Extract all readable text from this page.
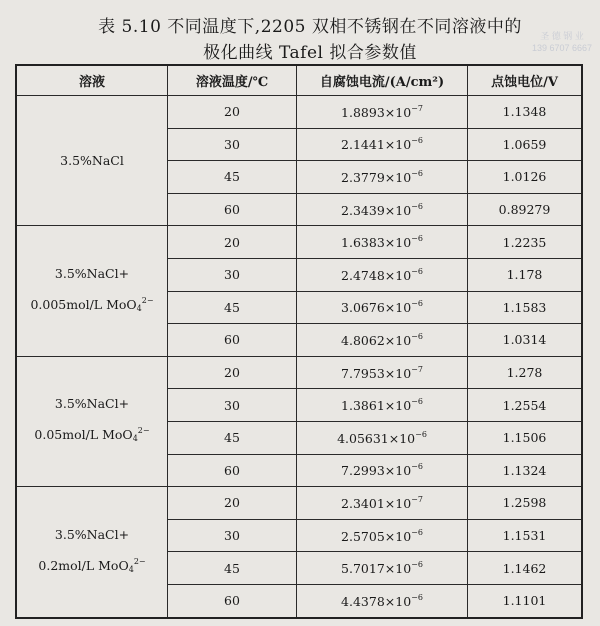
表 5.10 不同温度下,2205 双相不锈钢在不同溶液中的
极化曲线 Tafel 拟合参数值
圣 德 钢 业
139 6707 6667
溶液	溶液温度/℃	自腐蚀电流/(A/cm²)	点蚀电位/V

3.5%NaCl	20	$1.8893\times 10^{-7}$	1.1348
	30	$2.1441\times 10^{-6}$	1.0659
	45	$2.3779\times 10^{-6}$	1.0126
	60	$2.3439\times 10^{-6}$	0.89279

3.5%NaCl+
0.005mol/L MoO$_4^{2-}$	20	$1.6383\times 10^{-6}$	1.2235
	30	$2.4748\times 10^{-6}$	1.178
	45	$3.0676\times 10^{-6}$	1.1583
	60	$4.8062\times 10^{-6}$	1.0314

3.5%NaCl+
0.05mol/L MoO$_4^{2-}$	20	$7.7953\times 10^{-7}$	1.278
	30	$1.3861\times 10^{-6}$	1.2554
	45	$4.05631\times 10^{-6}$	1.1506
	60	$7.2993\times 10^{-6}$	1.1324

3.5%NaCl+
0.2mol/L MoO$_4^{2-}$	20	$2.3401\times 10^{-7}$	1.2598
	30	$2.5705\times 10^{-6}$	1.1531
	45	$5.7017\times 10^{-6}$	1.1462
	60	$4.4378\times 10^{-6}$	1.1101
